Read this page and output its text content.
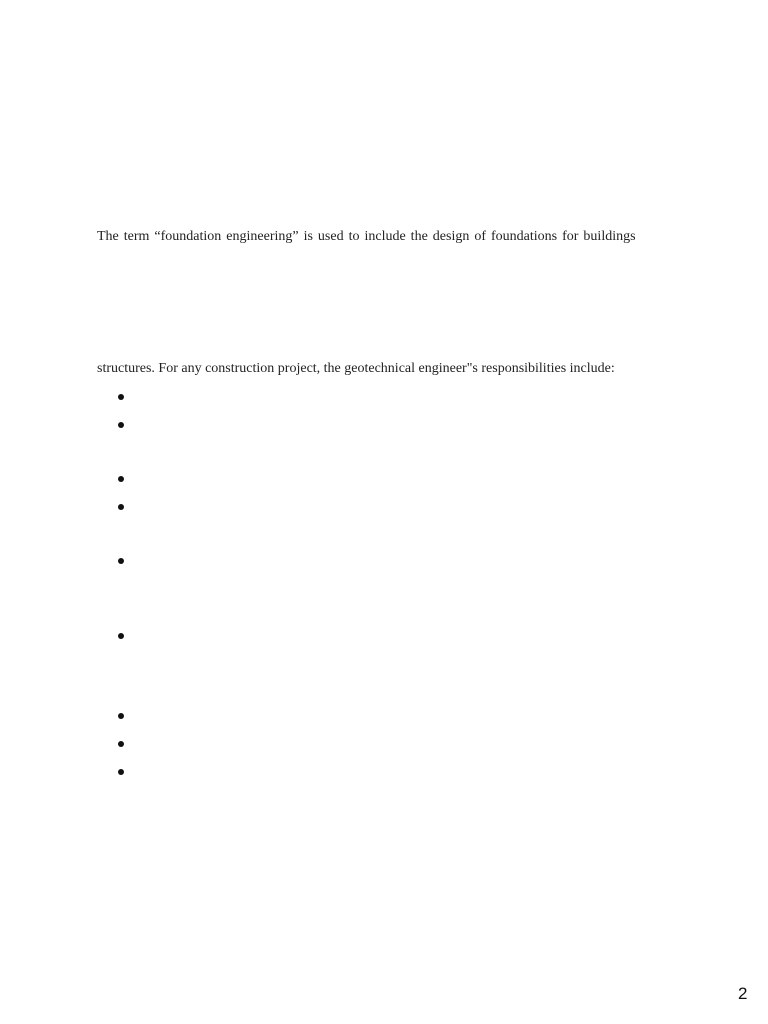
The term “foundation engineering” is used to include the design of foundations for buildings
structures. For any construction project, the geotechnical engineer"s responsibilities include:
2
